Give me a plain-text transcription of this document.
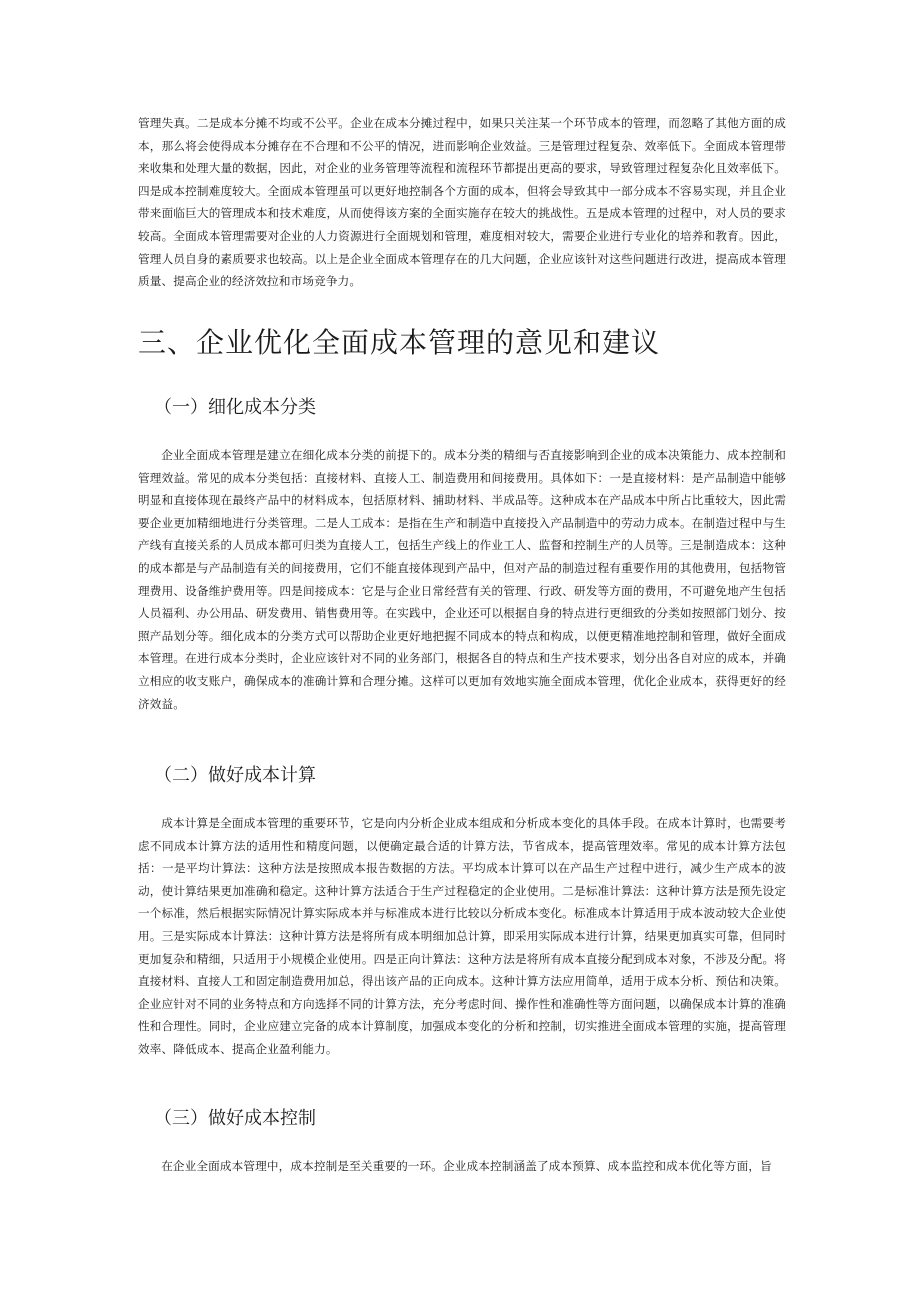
管理失真。二是成本分摊不均或不公平。企业在成本分摊过程中，如果只关注某一个环节成本的管理，而忽略了其他方面的成本，那么将会使得成本分摊存在不合理和不公平的情况，进而影响企业效益。三是管理过程复杂、效率低下。全面成本管理带来收集和处理大量的数据，因此，对企业的业务管理等流程和流程环节都提出更高的要求，导致管理过程复杂化且效率低下。四是成本控制难度较大。全面成本管理虽可以更好地控制各个方面的成本，但将会导致其中一部分成本不容易实现，并且企业带来面临巨大的管理成本和技术难度，从而使得该方案的全面实施存在较大的挑战性。五是成本管理的过程中，对人员的要求较高。全面成本管理需要对企业的人力资源进行全面规划和管理，难度相对较大，需要企业进行专业化的培养和教育。因此，管理人员自身的素质要求也较高。以上是企业全面成本管理存在的几大问题，企业应该针对这些问题进行改进，提高成本管理质量、提高企业的经济效拉和市场竞争力。

三、企业优化全面成本管理的意见和建议
（一）细化成本分类

企业全面成本管理是建立在细化成本分类的前提下的。成本分类的精细与否直接影响到企业的成本决策能力、成本控制和管理效益。常见的成本分类包括：直接材料、直接人工、制造费用和间接费用。具体如下：一是直接材料：是产品制造中能够明显和直接体现在最终产品中的材料成本，包括原材料、捕助材料、半成品等。这种成本在产品成本中所占比重较大，因此需要企业更加精细地进行分类管理。二是人工成本：是指在生产和制造中直接投入产品制造中的劳动力成本。在制造过程中与生产线有直接关系的人员成本都可归类为直接人工，包括生产线上的作业工人、监督和控制生产的人员等。三是制造成本：这种的成本都是与产品制造有关的间接费用，它们不能直接体现到产品中，但对产品的制造过程有重要作用的其他费用，包括物管理费用、设备维护费用等。四是间接成本：它是与企业日常经营有关的管理、行政、研发等方面的费用，不可避免地产生包括人员福利、办公用品、研发费用、销售费用等。在实践中，企业还可以根据自身的特点进行更细致的分类如按照部门划分、按照产品划分等。细化成本的分类方式可以帮助企业更好地把握不同成本的特点和构成，以便更精准地控制和管理，做好全面成本管理。在进行成本分类时，企业应该针对不同的业务部门，根据各自的特点和生产技术要求，划分出各自对应的成本，并确立相应的收支账户，确保成本的准确计算和合理分摊。这样可以更加有效地实施全面成本管理，优化企业成本，获得更好的经济效益。

（二）做好成本计算

成本计算是全面成本管理的重要环节，它是向内分析企业成本组成和分析成本变化的具体手段。在成本计算时，也需要考虑不同成本计算方法的适用性和精度问题，以便确定最合适的计算方法，节省成本，提高管理效率。常见的成本计算方法包括：一是平均计算法：这种方法是按照成本报告数据的方法。平均成本计算可以在产品生产过程中进行，减少生产成本的波动，使计算结果更加准确和稳定。这种计算方法适合于生产过程稳定的企业使用。二是标准计算法：这种计算方法是预先设定一个标准，然后根据实际情况计算实际成本并与标准成本进行比较以分析成本变化。标准成本计算适用于成本波动较大企业使用。三是实际成本计算法：这种计算方法是将所有成本明细加总计算，即采用实际成本进行计算，结果更加真实可靠，但同时更加复杂和精细，只适用于小规模企业使用。四是正向计算法：这种方法是将所有成本直接分配到成本对象，不涉及分配。将直接材料、直接人工和固定制造费用加总，得出该产品的正向成本。这种计算方法应用简单，适用于成本分析、预估和决策。企业应针对不同的业务特点和方向选择不同的计算方法，充分考虑时间、操作性和准确性等方面问题，以确保成本计算的准确性和合理性。同时，企业应建立完备的成本计算制度，加强成本变化的分析和控制，切实推进全面成本管理的实施，提高管理效率、降低成本、提高企业盈利能力。

（三）做好成本控制

在企业全面成本管理中，成本控制是至关重要的一环。企业成本控制涵盖了成本预算、成本监控和成本优化等方面，旨
